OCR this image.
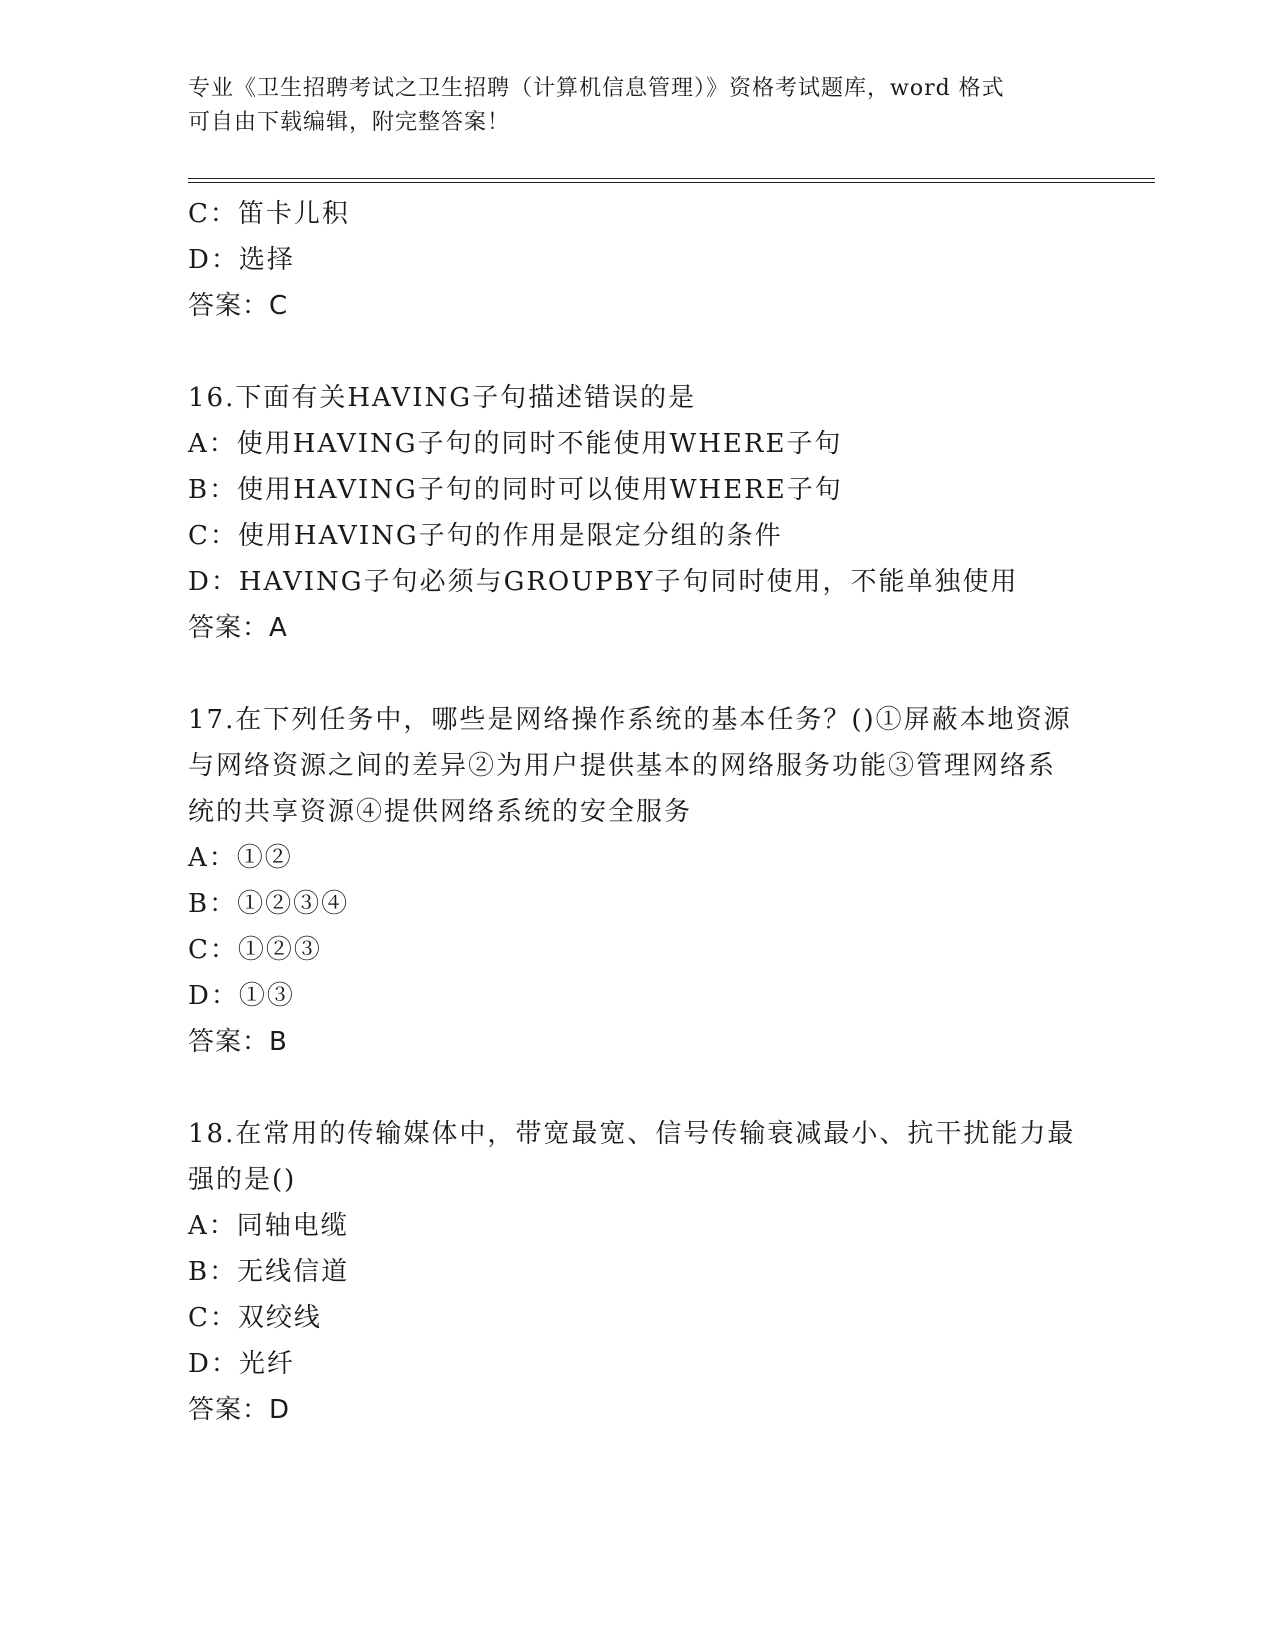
专业《卫生招聘考试之卫生招聘（计算机信息管理）》资格考试题库，word 格式
可自由下载编辑，附完整答案！
C：笛卡儿积
D：选择
答案：C
16.下面有关HAVING子句描述错误的是
A：使用HAVING子句的同时不能使用WHERE子句
B：使用HAVING子句的同时可以使用WHERE子句
C：使用HAVING子句的作用是限定分组的条件
D：HAVING子句必须与GROUPBY子句同时使用，不能单独使用
答案：A
17.在下列任务中，哪些是网络操作系统的基本任务？()①屏蔽本地资源与网络资源之间的差异②为用户提供基本的网络服务功能③管理网络系统的共享资源④提供网络系统的安全服务
A：①②
B：①②③④
C：①②③
D：①③
答案：B
18.在常用的传输媒体中，带宽最宽、信号传输衰减最小、抗干扰能力最强的是()
A：同轴电缆
B：无线信道
C：双绞线
D：光纤
答案：D
